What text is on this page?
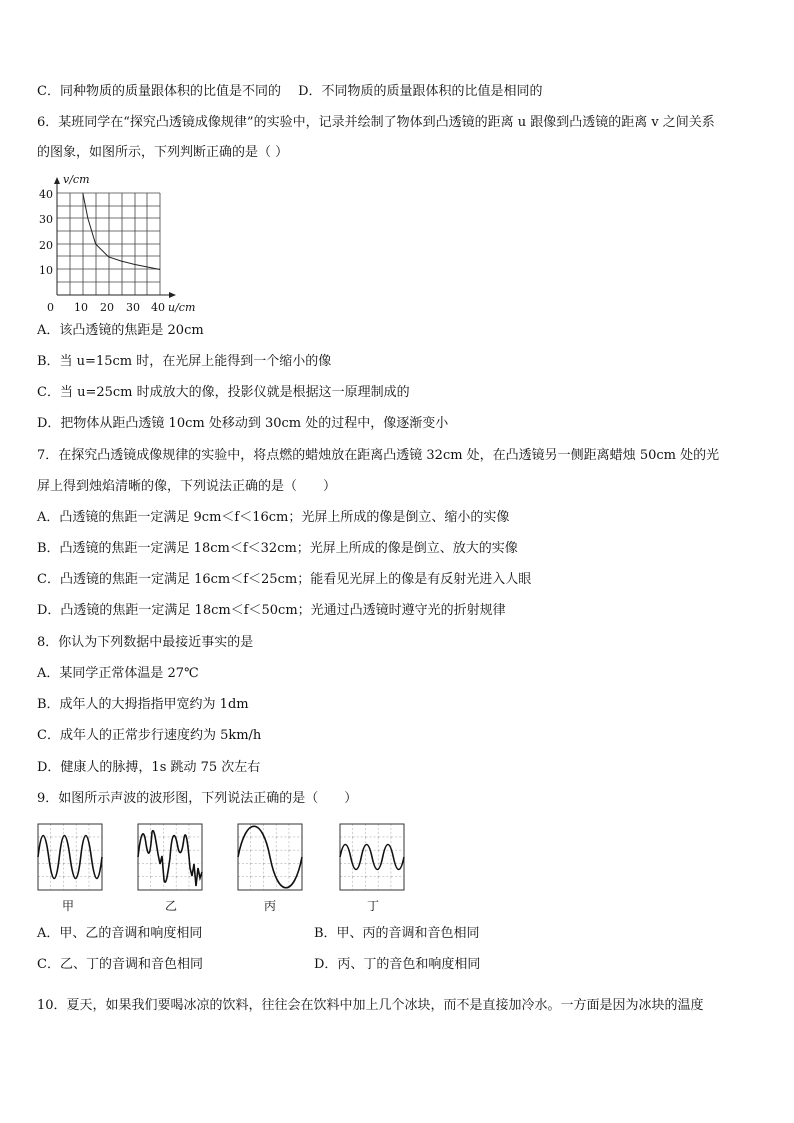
C．同种物质的质量跟体积的比值是不同的　 D．不同物质的质量跟体积的比值是相同的
6．某班同学在“探究凸透镜成像规律”的实验中，记录并绘制了物体到凸透镜的距离 u 跟像到凸透镜的距离 v 之间关系
的图象，如图所示，下列判断正确的是（ ）
v/cm
u/cm
40
30
20
10
0 10 20 30 40
A．该凸透镜的焦距是 20cm
B．当 u=15cm 时，在光屏上能得到一个缩小的像
C．当 u=25cm 时成放大的像，投影仪就是根据这一原理制成的
D．把物体从距凸透镜 10cm 处移动到 30cm 处的过程中，像逐渐变小
7．在探究凸透镜成像规律的实验中，将点燃的蜡烛放在距离凸透镜 32cm 处，在凸透镜另一侧距离蜡烛 50cm 处的光
屏上得到烛焰清晰的像，下列说法正确的是（　　）
A．凸透镜的焦距一定满足 9cm＜f＜16cm；光屏上所成的像是倒立、缩小的实像
B．凸透镜的焦距一定满足 18cm＜f＜32cm；光屏上所成的像是倒立、放大的实像
C．凸透镜的焦距一定满足 16cm＜f＜25cm；能看见光屏上的像是有反射光进入人眼
D．凸透镜的焦距一定满足 18cm＜f＜50cm；光通过凸透镜时遵守光的折射规律
8．你认为下列数据中最接近事实的是
A．某同学正常体温是 27℃
B．成年人的大拇指指甲宽约为 1dm
C．成年人的正常步行速度约为 5km/h
D．健康人的脉搏，1s 跳动 75 次左右
9．如图所示声波的波形图，下列说法正确的是（　　）
甲	乙	丙	丁
A．甲、乙的音调和响度相同	B．甲、丙的音调和音色相同
C．乙、丁的音调和音色相同	D．丙、丁的音色和响度相同
10．夏天，如果我们要喝冰凉的饮料，往往会在饮料中加上几个冰块，而不是直接加冷水。一方面是因为冰块的温度
